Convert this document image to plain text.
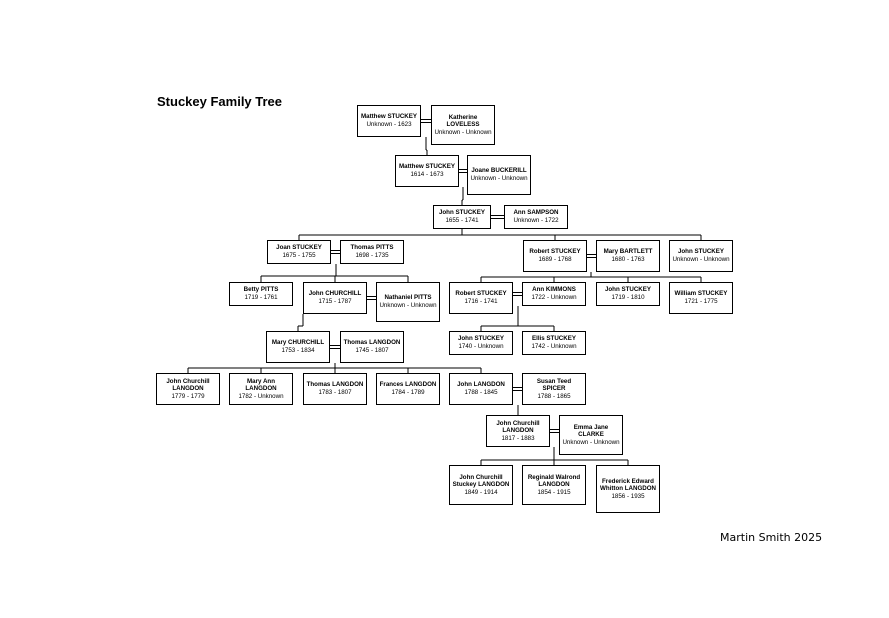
Stuckey Family Tree
Matthew STUCKEY
Unknown - 1623
Katherine LOVELESS
Unknown - Unknown
Matthew STUCKEY
1614 - 1673
Joane BUCKERILL
Unknown - Unknown
John STUCKEY
1655 - 1741
Ann SAMPSON
Unknown - 1722
Joan STUCKEY
1675 - 1755
Thomas PITTS
1698 - 1735
Robert STUCKEY
1689 - 1768
Mary BARTLETT
1680 - 1763
John STUCKEY
Unknown - Unknown
Betty PITTS
1719 - 1761
John CHURCHILL
1715 - 1787
Nathaniel PITTS
Unknown - Unknown
Robert STUCKEY
1716 - 1741
Ann KIMMONS
1722 - Unknown
John STUCKEY
1719 - 1810
William STUCKEY
1721 - 1775
Mary CHURCHILL
1753 - 1834
Thomas LANGDON
1745 - 1807
John STUCKEY
1740 - Unknown
Ellis STUCKEY
1742 - Unknown
John Churchill LANGDON
1779 - 1779
Mary Ann LANGDON
1782 - Unknown
Thomas LANGDON
1783 - 1807
Frances LANGDON
1784 - 1789
John LANGDON
1788 - 1845
Susan Teed SPICER
1788 - 1865
John Churchill LANGDON
1817 - 1883
Emma Jane CLARKE
Unknown - Unknown
John Churchill Stuckey LANGDON
1849 - 1914
Reginald Walrond LANGDON
1854 - 1915
Frederick Edward Whitton LANGDON
1856 - 1935
Martin Smith 2025
